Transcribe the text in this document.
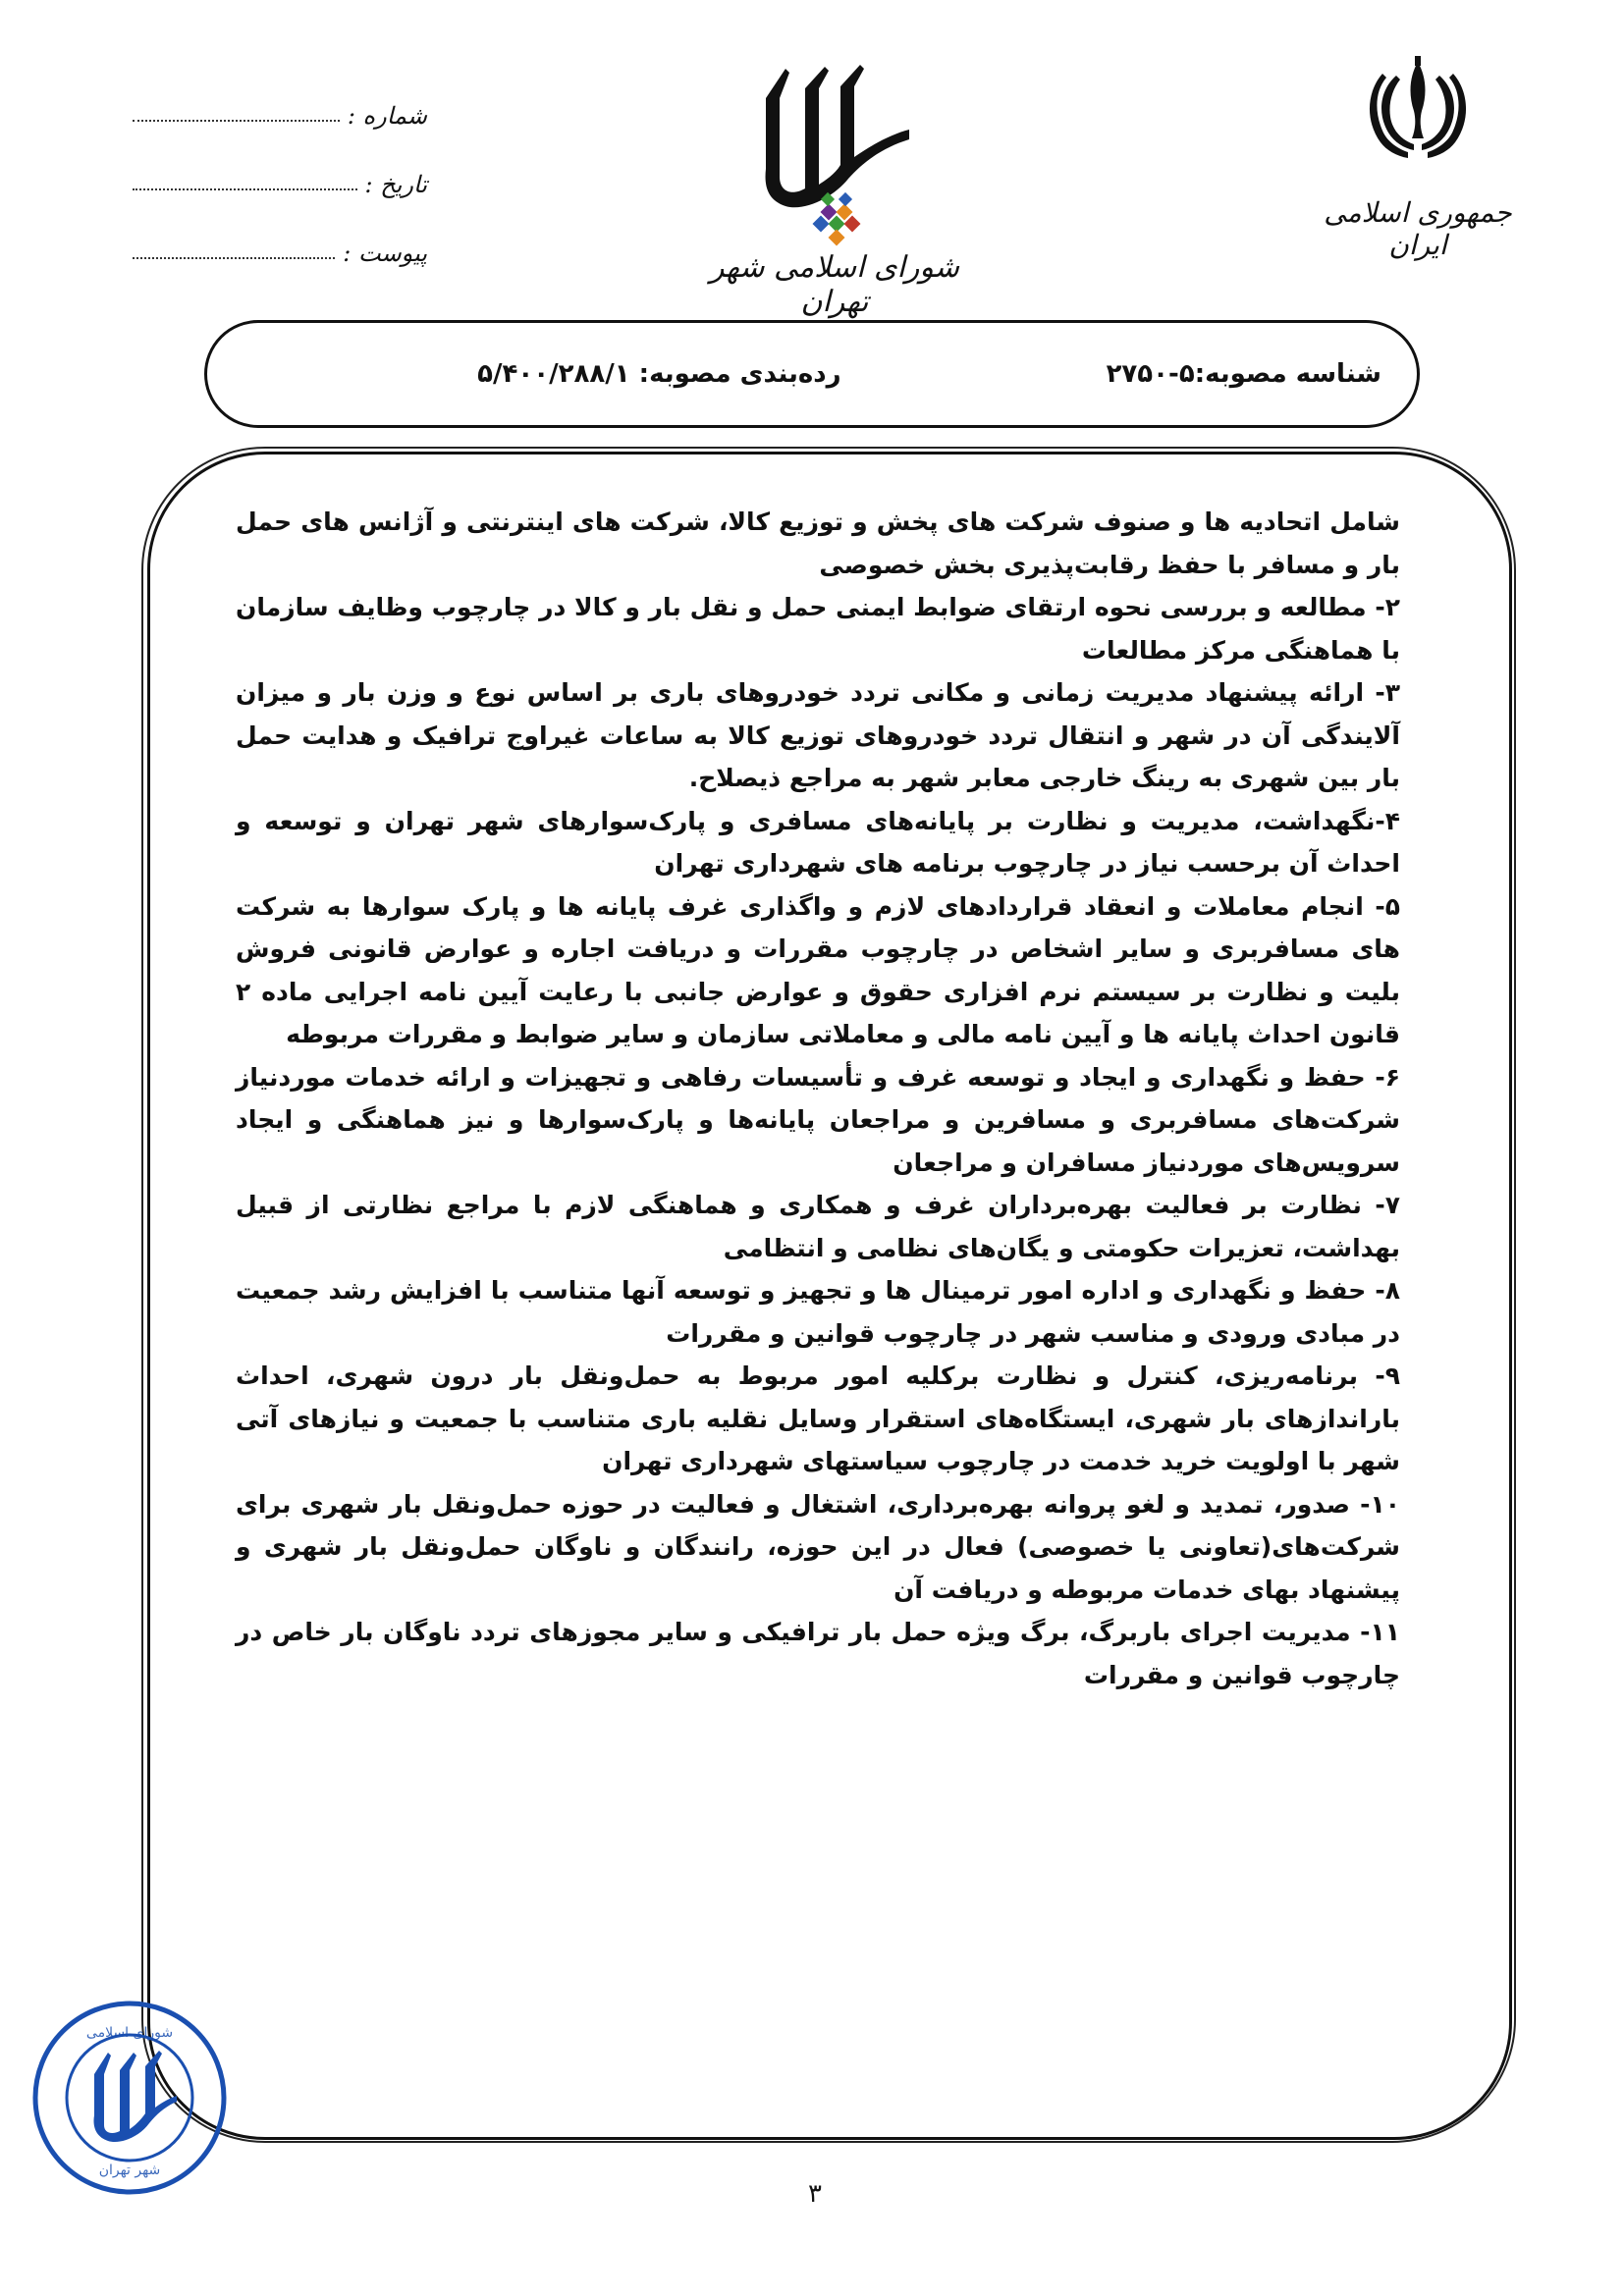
جمهوری اسلامی ایران
شورای اسلامی شهر تهران
شماره :
تاریخ :
پیوست :
شناسه مصوبه:۵-۲۷۵۰
رده‌بندی مصوبه: ۵/۴۰۰/۲۸۸/۱

شامل اتحادیه ها و صنوف شرکت های پخش و توزیع کالا، شرکت های اینترنتی و آژانس های حمل بار و مسافر با حفظ رقابت‌پذیری بخش خصوصی

۲- مطالعه و بررسی نحوه ارتقای ضوابط ایمنی حمل و نقل بار و کالا در چارچوب وظایف سازمان با هماهنگی مرکز مطالعات

۳- ارائه پیشنهاد مدیریت زمانی و مکانی تردد خودروهای باری بر اساس نوع و وزن بار و میزان آلایندگی آن در شهر و انتقال تردد خودروهای توزیع کالا به ساعات غیراوج ترافیک و هدایت حمل بار بین شهری به رینگ خارجی معابر شهر به مراجع ذیصلاح.

۴-نگهداشت، مدیریت و نظارت بر پایانه‌های مسافری و پارک‌سوارهای شهر تهران و توسعه و احداث آن برحسب نیاز در چارچوب برنامه های شهرداری تهران

۵- انجام معاملات و انعقاد قراردادهای لازم و واگذاری غرف پایانه ها و پارک سوارها به شرکت های مسافربری و سایر اشخاص در چارچوب مقررات و دریافت اجاره و عوارض قانونی فروش بلیت و نظارت بر سیستم نرم افزاری حقوق و عوارض جانبی با رعایت آیین نامه اجرایی ماده ۲ قانون احداث پایانه ها و آیین نامه مالی و معاملاتی سازمان و سایر ضوابط و مقررات مربوطه

۶- حفظ و نگهداری و ایجاد و توسعه غرف و تأسیسات رفاهی و تجهیزات و ارائه خدمات موردنیاز شرکت‌های مسافربری و مسافرین و مراجعان پایانه‌ها و پارک‌سوارها و نیز هماهنگی و ایجاد سرویس‌های موردنیاز مسافران و مراجعان

۷- نظارت بر فعالیت بهره‌برداران غرف و همکاری و هماهنگی لازم با مراجع نظارتی از قبیل بهداشت، تعزیرات حکومتی و یگان‌های نظامی و انتظامی

۸- حفظ و نگهداری و اداره امور ترمینال ها و تجهیز و توسعه آنها متناسب با افزایش رشد جمعیت در مبادی ورودی و مناسب شهر در چارچوب قوانین و مقررات

۹- برنامه‌ریزی، کنترل و نظارت برکلیه امور مربوط به حمل‌ونقل بار درون شهری، احداث باراندازهای بار شهری، ایستگاه‌های استقرار وسایل نقلیه باری متناسب با جمعیت و نیازهای آتی شهر با اولویت خرید خدمت در چارچوب سیاستهای شهرداری تهران

۱۰- صدور، تمدید و لغو پروانه بهره‌برداری، اشتغال و فعالیت در حوزه حمل‌ونقل بار شهری برای شرکت‌های(تعاونی یا خصوصی) فعال در این حوزه، رانندگان و ناوگان حمل‌ونقل بار شهری و پیشنهاد بهای خدمات مربوطه و دریافت آن

۱۱- مدیریت اجرای باربرگ، برگ ویژه حمل بار ترافیکی و سایر مجوزهای تردد ناوگان بار خاص در چارچوب قوانین و مقررات

شورای اسلامی
شهر تهران
۳
